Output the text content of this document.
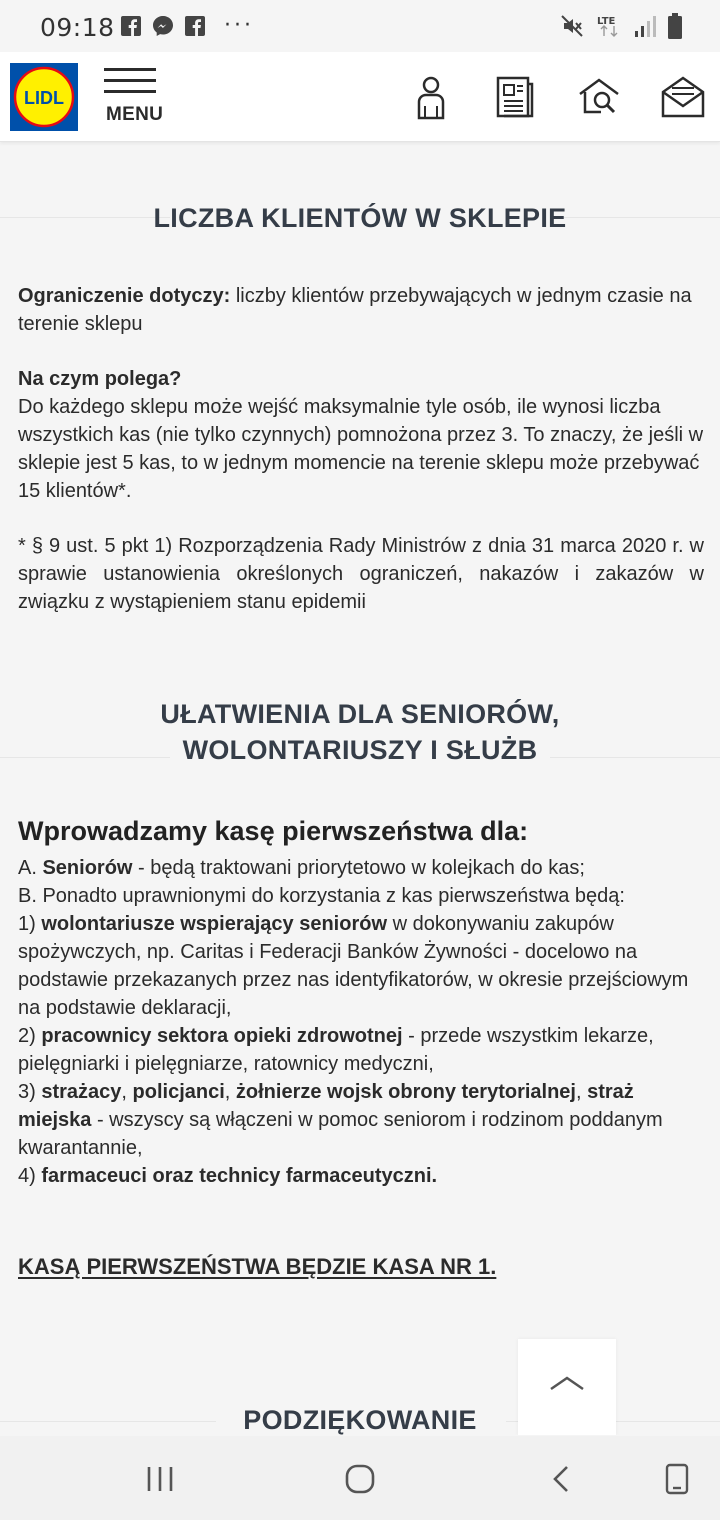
09:18	···	LTE
LIDL
MENU
LICZBA KLIENTÓW W SKLEPIE
Ograniczenie dotyczy: liczby klientów przebywających w jednym czasie na terenie sklepu
Na czym polega?
Do każdego sklepu może wejść maksymalnie tyle osób, ile wynosi liczba wszystkich kas (nie tylko czynnych) pomnożona przez 3. To znaczy, że jeśli w sklepie jest 5 kas, to w jednym momencie na terenie sklepu może przebywać 15 klientów*.
* § 9 ust. 5 pkt 1) Rozporządzenia Rady Ministrów z dnia 31 marca 2020 r. w sprawie ustanowienia określonych ograniczeń, nakazów i zakazów w związku z wystąpieniem stanu epidemii
UŁATWIENIA DLA SENIORÓW,
WOLONTARIUSZY I SŁUŻB
Wprowadzamy kasę pierwszeństwa dla:
A. Seniorów - będą traktowani priorytetowo w kolejkach do kas;
B. Ponadto uprawnionymi do korzystania z kas pierwszeństwa będą:
1) wolontariusze wspierający seniorów w dokonywaniu zakupów spożywczych, np. Caritas i Federacji Banków Żywności - docelowo na podstawie przekazanych przez nas identyfikatorów, w okresie przejściowym na podstawie deklaracji,
2) pracownicy sektora opieki zdrowotnej - przede wszystkim lekarze, pielęgniarki i pielęgniarze, ratownicy medyczni,
3) strażacy, policjanci, żołnierze wojsk obrony terytorialnej, straż miejska - wszyscy są włączeni w pomoc seniorom i rodzinom poddanym kwarantannie,
4) farmaceuci oraz technicy farmaceutyczni.
KASĄ PIERWSZEŃSTWA BĘDZIE KASA NR 1.
PODZIĘKOWANIE
